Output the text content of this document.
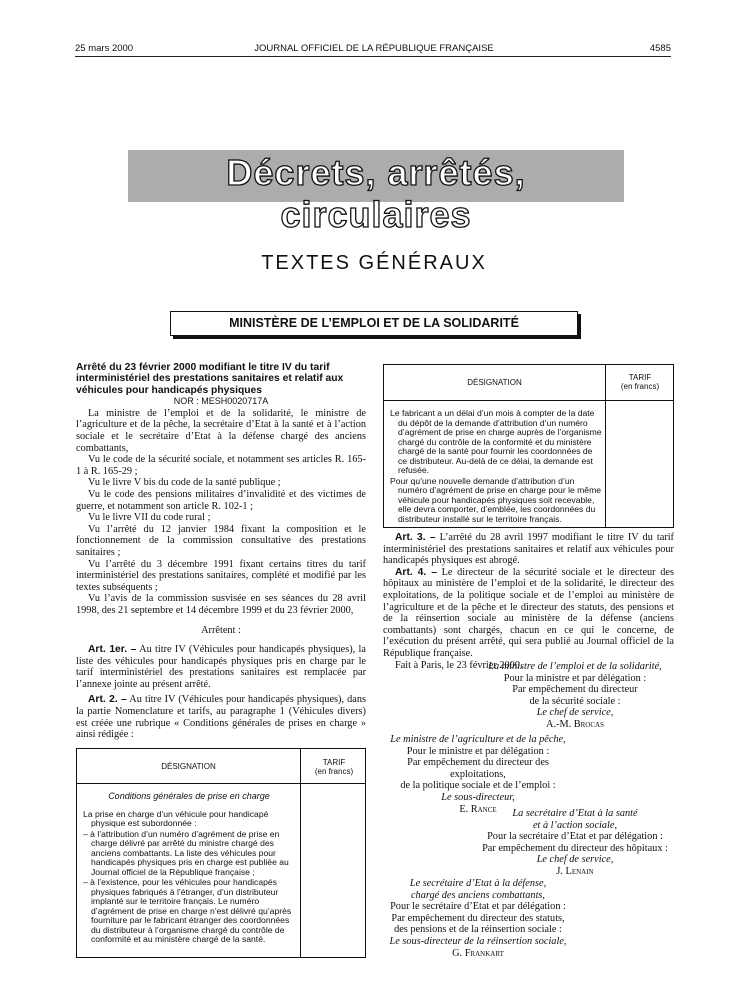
25 mars 2000	JOURNAL OFFICIEL DE LA RÉPUBLIQUE FRANÇAISE	4585
Décrets, arrêtés, circulaires
TEXTES GÉNÉRAUX
MINISTÈRE DE L’EMPLOI ET DE LA SOLIDARITÉ

Arrêté du 23 février 2000 modifiant le titre IV du tarif interministériel des prestations sanitaires et relatif aux véhicules pour handicapés physiques

NOR : MESH0020717A

La ministre de l’emploi et de la solidarité, le ministre de l’agriculture et de la pêche, la secrétaire d’Etat à la santé et à l’action sociale et le secrétaire d’Etat à la défense chargé des anciens combattants,

Vu le code de la sécurité sociale, et notamment ses articles R. 165-1 à R. 165-29 ;

Vu le livre V bis du code de la santé publique ;

Vu le code des pensions militaires d’invalidité et des victimes de guerre, et notamment son article R. 102-1 ;

Vu le livre VII du code rural ;

Vu l’arrêté du 12 janvier 1984 fixant la composition et le fonctionnement de la commission consultative des prestations sanitaires ;

Vu l’arrêté du 3 décembre 1991 fixant certains titres du tarif interministériel des prestations sanitaires, complété et modifié par les textes subséquents ;

Vu l’avis de la commission susvisée en ses séances du 28 avril 1998, des 21 septembre et 14 décembre 1999 et du 23 février 2000,

Arrêtent :

Art. 1er. – Au titre IV (Véhicules pour handicapés physiques), la liste des véhicules pour handicapés physiques pris en charge par le tarif interministériel des prestations sanitaires est remplacée par l’annexe jointe au présent arrêté.

Art. 2. – Au titre IV (Véhicules pour handicapés physiques), dans la partie Nomenclature et tarifs, au paragraphe 1 (Véhicules divers) est créée une rubrique « Conditions générales de prises en charge » ainsi rédigée :

DÉSIGNATION	TARIF
(en francs)
Conditions générales de prise en charge

La prise en charge d’un véhicule pour handicapé physique est subordonnée :

– à l’attribution d’un numéro d’agrément de prise en charge délivré par arrêté du ministre chargé des anciens combattants. La liste des véhicules pour handicapés physiques pris en charge est publiée au Journal officiel de la République française ;

– à l’existence, pour les véhicules pour handicapés physiques fabriqués à l’étranger, d’un distributeur implanté sur le territoire français. Le numéro d’agrément de prise en charge n’est délivré qu’après fourniture par le fabricant étranger des coordonnées du distributeur à l’organisme chargé du contrôle de conformité et au ministère chargé de la santé.

DÉSIGNATION
TARIF
(en francs)

Le fabricant a un délai d’un mois à compter de la date du dépôt de la demande d’attribution d’un numéro d’agrément de prise en charge auprès de l’organisme chargé du contrôle de la conformité et du ministère chargé de la santé pour fournir les coordonnées de ce distributeur. Au-delà de ce délai, la demande est refusée.

Pour qu’une nouvelle demande d’attribution d’un numéro d’agrément de prise en charge pour le même véhicule pour handicapés physiques soit recevable, elle devra comporter, d’emblée, les coordonnées du distributeur installé sur le territoire français.

Art. 3. – L’arrêté du 28 avril 1997 modifiant le titre IV du tarif interministériel des prestations sanitaires et relatif aux véhicules pour handicapés physiques est abrogé.

Art. 4. – Le directeur de la sécurité sociale et le directeur des hôpitaux au ministère de l’emploi et de la solidarité, le directeur des exploitations, de la politique sociale et de l’emploi au ministère de l’agriculture et de la pêche et le directeur des statuts, des pensions et de la réinsertion sociale au ministère de la défense (anciens combattants) sont chargés, chacun en ce qui le concerne, de l’exécution du présent arrêté, qui sera publié au Journal officiel de la République française.

Fait à Paris, le 23 février 2000.

La ministre de l’emploi et de la solidarité,

Pour la ministre et par délégation :

Par empêchement du directeur

de la sécurité sociale :

Le chef de service,

A.-M. Brocas

Le ministre de l’agriculture et de la pêche,

Pour le ministre et par délégation :

Par empêchement du directeur des exploitations,

de la politique sociale et de l’emploi :

Le sous-directeur,

E. Rance	La secrétaire d’Etat à la santé

et à l’action sociale,

Pour la secrétaire d’Etat et par délégation :

Par empêchement du directeur des hôpitaux :

Le chef de service,

J. Lenain

Le secrétaire d’Etat à la défense,

chargé des anciens combattants,

Pour le secrétaire d’Etat et par délégation :

Par empêchement du directeur des statuts,

des pensions et de la réinsertion sociale :

Le sous-directeur de la réinsertion sociale,

G. Frankart
